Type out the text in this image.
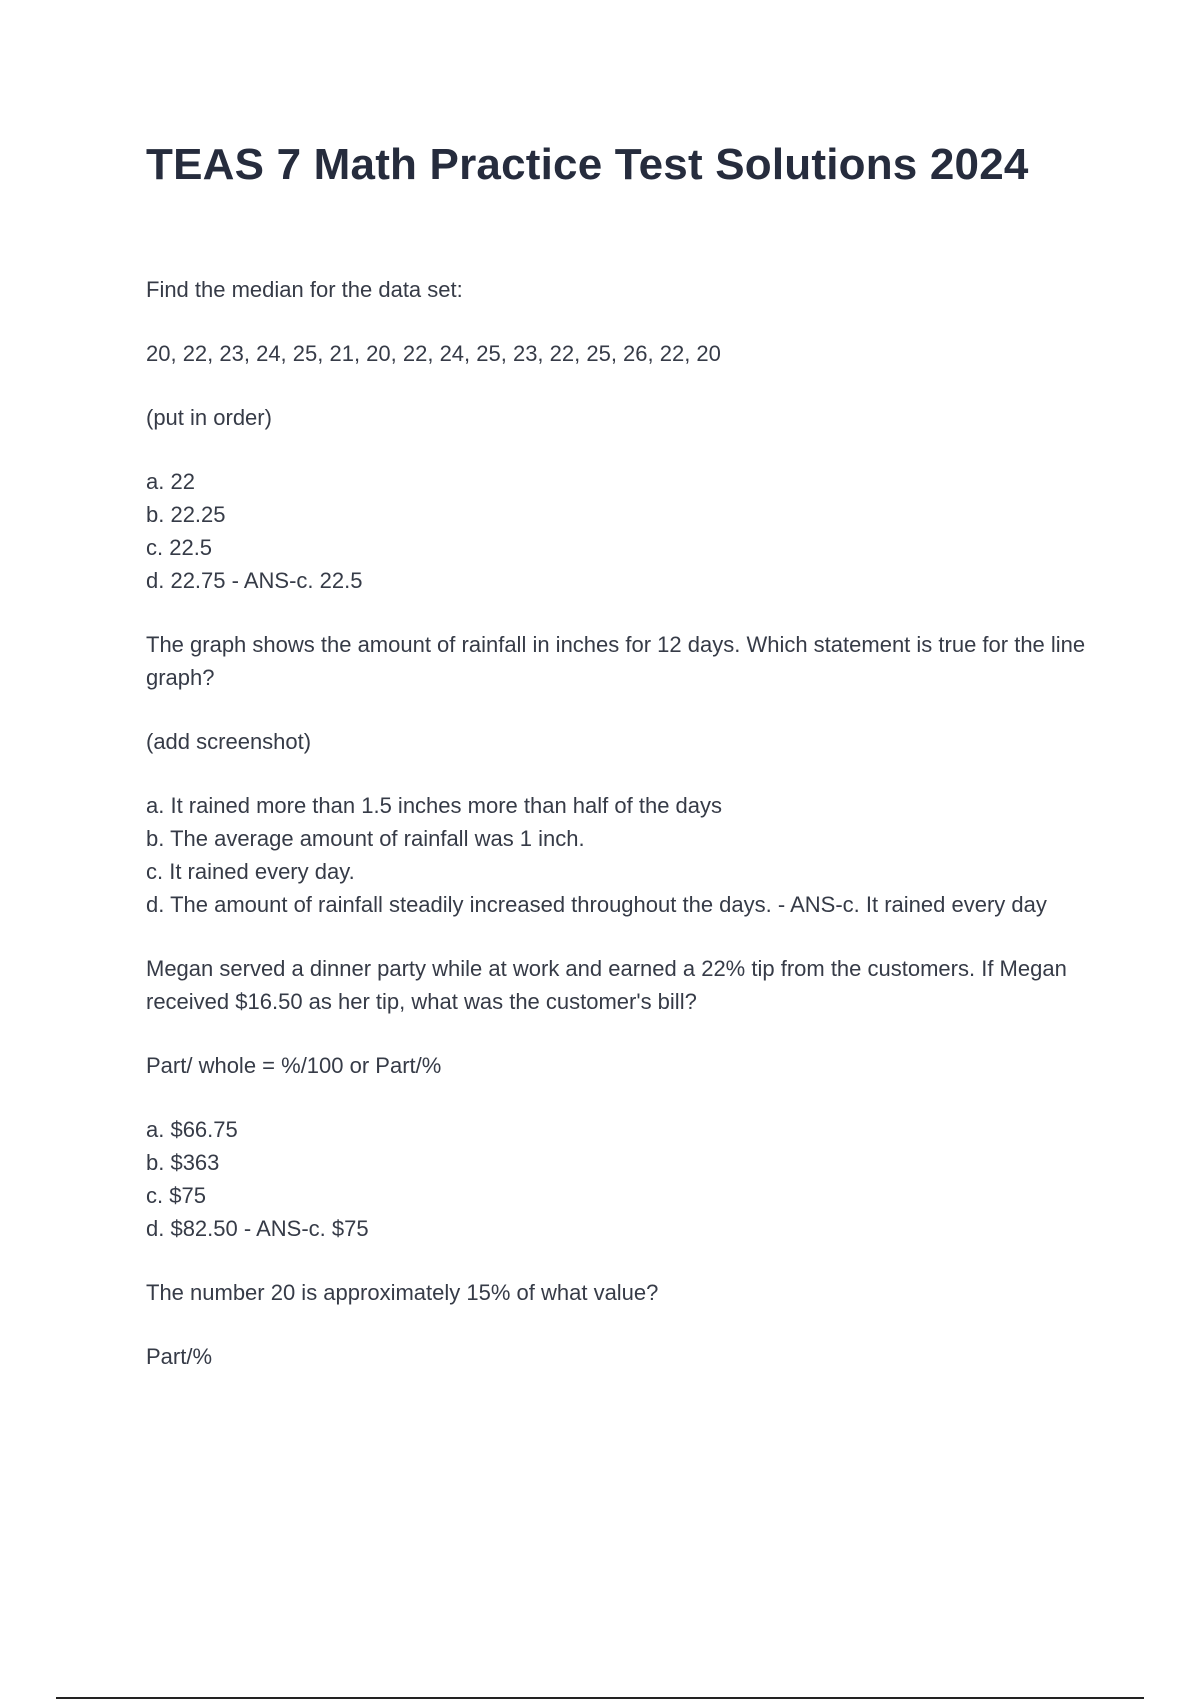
TEAS 7 Math Practice Test Solutions 2024

Find the median for the data set:

20, 22, 23, 24, 25, 21, 20, 22, 24, 25, 23, 22, 25, 26, 22, 20

(put in order)

a. 22
b. 22.25
c. 22.5
d. 22.75 - ANS-c. 22.5

The graph shows the amount of rainfall in inches for 12 days. Which statement is true for the line graph?

(add screenshot)

a. It rained more than 1.5 inches more than half of the days
b. The average amount of rainfall was 1 inch.
c. It rained every day.
d. The amount of rainfall steadily increased throughout the days. - ANS-c. It rained every day

Megan served a dinner party while at work and earned a 22% tip from the customers. If Megan received $16.50 as her tip, what was the customer's bill?

Part/ whole = %/100 or Part/%

a. $66.75
b. $363
c. $75
d. $82.50 - ANS-c. $75

The number 20 is approximately 15% of what value?

Part/%
